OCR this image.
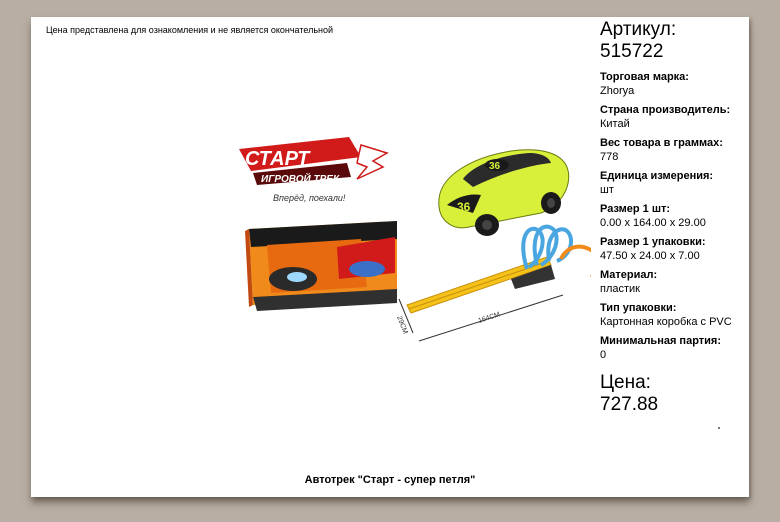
Цена представлена для ознакомления и не является окончательной
СТАРТ
ИГРОВОЙ ТРЕК
Вперёд, поехали!
36
36
29CM	164CM
Артикул:
515722
Торговая марка:
Zhorya
Страна производитель:
Китай
Вес товара в граммах:
778
Единица измерения:
шт
Размер 1 шт:
0.00 x 164.00 x 29.00
Размер 1 упаковки:
47.50 x 24.00 x 7.00
Материал:
пластик
Тип упаковки:
Картонная коробка с PVC
Минимальная партия:
0
Цена:
727.88
Автотрек "Старт - супер петля"
